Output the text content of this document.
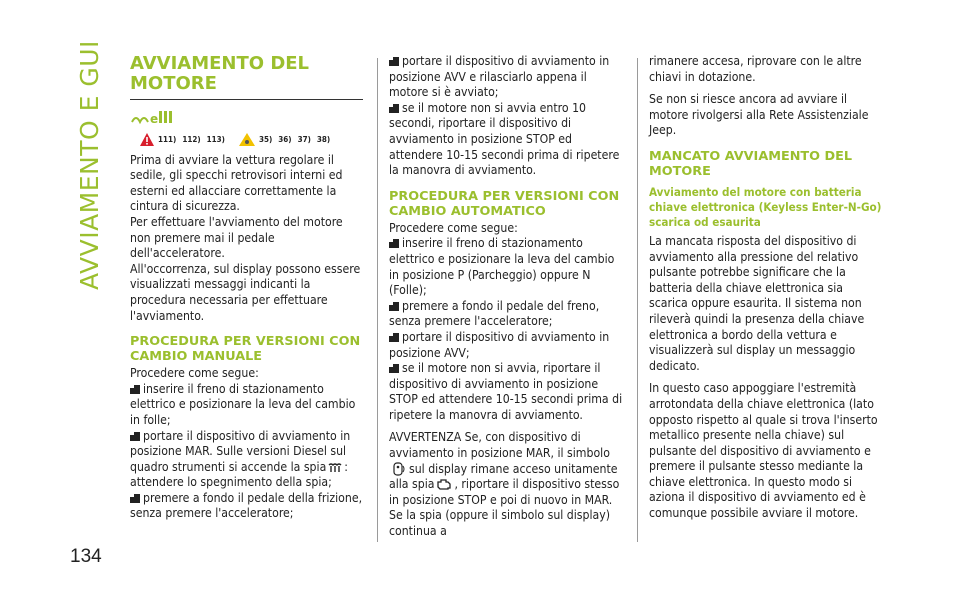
AVVIAMENTO E GUIDA
134
AVVIAMENTO DEL
MOTORE
e
111) 112) 113)	35) 36) 37) 38)

Prima di avviare la vettura regolare il sedile, gli specchi retrovisori interni ed esterni ed allacciare correttamente la cintura di sicurezza.

Per effettuare l'avviamento del motore non premere mai il pedale dell'acceleratore.

All'occorrenza, sul display possono essere visualizzati messaggi indicanti la procedura necessaria per effettuare l'avviamento.

PROCEDURA PER VERSIONI CON CAMBIO MANUALE

Procedere come segue:

inserire il freno di stazionamento elettrico e posizionare la leva del cambio in folle;

portare il dispositivo di avviamento in posizione MAR. Sulle versioni Diesel sul quadro strumenti si accende la spia : attendere lo spegnimento della spia;

premere a fondo il pedale della frizione, senza premere l'acceleratore;

portare il dispositivo di avviamento in posizione AVV e rilasciarlo appena il motore si è avviato;

se il motore non si avvia entro 10 secondi, riportare il dispositivo di avviamento in posizione STOP ed attendere 10-15 secondi prima di ripetere la manovra di avviamento.

PROCEDURA PER VERSIONI CON CAMBIO AUTOMATICO

Procedere come segue:

inserire il freno di stazionamento elettrico e posizionare la leva del cambio in posizione P (Parcheggio) oppure N (Folle);

premere a fondo il pedale del freno, senza premere l'acceleratore;

portare il dispositivo di avviamento in posizione AVV;

se il motore non si avvia, riportare il dispositivo di avviamento in posizione STOP ed attendere 10-15 secondi prima di ripetere la manovra di avviamento.

AVVERTENZA Se, con dispositivo di avviamento in posizione MAR, il simbolosul display rimane acceso unitamente alla spia , riportare il dispositivo stesso in posizione STOP e poi di nuovo in MAR. Se la spia (oppure il simbolo sul display) continua a

rimanere accesa, riprovare con le altre chiavi in dotazione.

Se non si riesce ancora ad avviare il motore rivolgersi alla Rete Assistenziale Jeep.

MANCATO AVVIAMENTO DEL MOTORE
Avviamento del motore con batteria chiave elettronica (Keyless Enter-N-Go) scarica od esaurita

La mancata risposta del dispositivo di avviamento alla pressione del relativo pulsante potrebbe significare che la batteria della chiave elettronica sia scarica oppure esaurita. Il sistema non rileverà quindi la presenza della chiave elettronica a bordo della vettura e visualizzerà sul display un messaggio dedicato.

In questo caso appoggiare l'estremità arrotondata della chiave elettronica (lato opposto rispetto al quale si trova l'inserto metallico presente nella chiave) sul pulsante del dispositivo di avviamento e premere il pulsante stesso mediante la chiave elettronica. In questo modo si aziona il dispositivo di avviamento ed è comunque possibile avviare il motore.
